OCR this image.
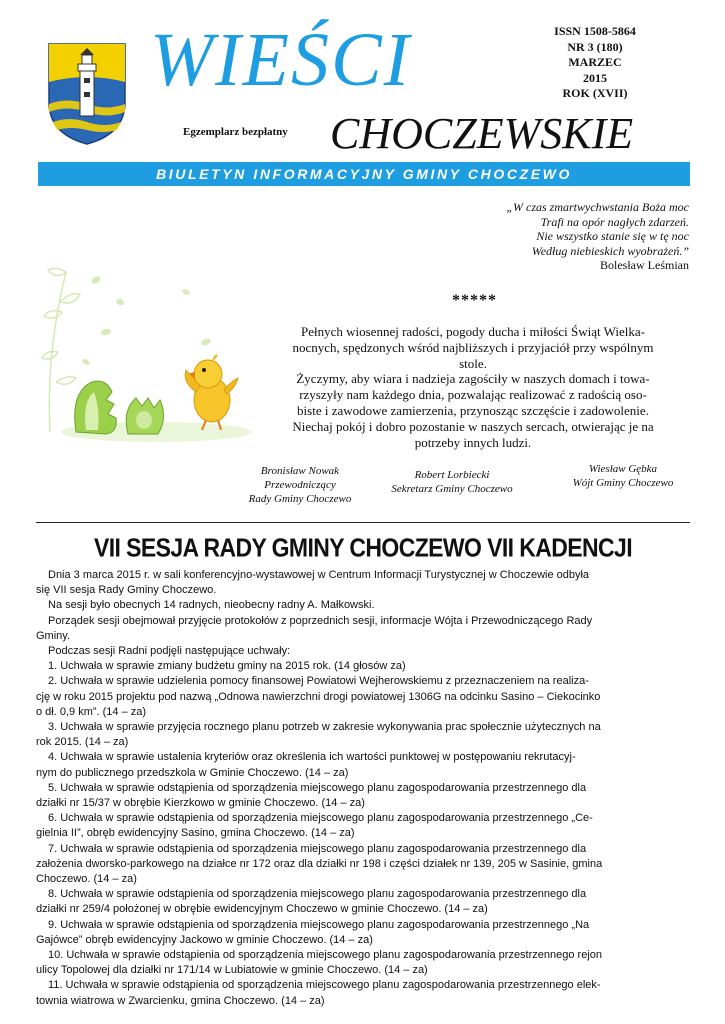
WIEŚCI
CHOCZEWSKIE
Egzemplarz bezpłatny
ISSN 1508-5864
NR 3 (180)
MARZEC
2015
ROK (XVII)
BIULETYN INFORMACYJNY GMINY CHOCZEWO
„W czas zmartwychwstania Boża moc
Trafi na opór nagłych zdarzeń.
Nie wszystko stanie się w tę noc
Według niebieskich wyobrażeń.”
Bolesław Leśmian
*****
Pełnych wiosennej radości, pogody ducha i miłości Świąt Wielka-
nocnych, spędzonych wśród najbliższych i przyjaciół przy wspólnym
stole.
Życzymy, aby wiara i nadzieja zagościły w naszych domach i towa-
rzyszyły nam każdego dnia, pozwalając realizować z radością oso-
biste i zawodowe zamierzenia, przynosząc szczęście i zadowolenie.
Niechaj pokój i dobro pozostanie w naszych sercach, otwierając je na
potrzeby innych ludzi.
Bronisław Nowak
Przewodniczący
Rady Gminy Choczewo
Robert Lorbiecki
Sekretarz Gminy Choczewo
Wiesław Gębka
Wójt Gminy Choczewo
VII SESJA RADY GMINY CHOCZEWO VII KADENCJI

Dnia 3 marca 2015 r. w sali konferencyjno-wystawowej w Centrum Informacji Turystycznej w Choczewie odbyła
się VII sesja Rady Gminy Choczewo.

Na sesji było obecnych 14 radnych, nieobecny radny A. Małkowski.

Porządek sesji obejmował przyjęcie protokołów z poprzednich sesji, informacje Wójta i Przewodniczącego Rady
Gminy.

Podczas sesji Radni podjęli następujące uchwały:

1. Uchwała w sprawie zmiany budżetu gminy na 2015 rok. (14 głosów za)

2. Uchwała w sprawie udzielenia pomocy finansowej Powiatowi Wejherowskiemu z przeznaczeniem na realiza-
cję w roku 2015 projektu pod nazwą „Odnowa nawierzchni drogi powiatowej 1306G na odcinku Sasino – Ciekocinko
o dł. 0,9 km”. (14 – za)

3. Uchwała w sprawie przyjęcia rocznego planu potrzeb w zakresie wykonywania prac społecznie użytecznych na
rok 2015. (14 – za)

4. Uchwała w sprawie ustalenia kryteriów oraz określenia ich wartości punktowej w postępowaniu rekrutacyj-
nym do publicznego przedszkola w Gminie Choczewo. (14 – za)

5. Uchwała w sprawie odstąpienia od sporządzenia miejscowego planu zagospodarowania przestrzennego dla
działki nr 15/37 w obrębie Kierzkowo w gminie Choczewo. (14 – za)

6. Uchwała w sprawie odstąpienia od sporządzenia miejscowego planu zagospodarowania przestrzennego „Ce-
gielnia II”, obręb ewidencyjny Sasino, gmina Choczewo. (14 – za)

7. Uchwała w sprawie odstąpienia od sporządzenia miejscowego planu zagospodarowania przestrzennego dla
założenia dworsko-parkowego na działce nr 172 oraz dla działki nr 198 i części działek nr 139, 205 w Sasinie, gmina
Choczewo. (14 – za)

8. Uchwała w sprawie odstąpienia od sporządzenia miejscowego planu zagospodarowania przestrzennego dla
działki nr 259/4 położonej w obrębie ewidencyjnym Choczewo w gminie Choczewo. (14 – za)

9. Uchwała w sprawie odstąpienia od sporządzenia miejscowego planu zagospodarowania przestrzennego „Na
Gajówce” obręb ewidencyjny Jackowo w gminie Choczewo. (14 – za)

10. Uchwała w sprawie odstąpienia od sporządzenia miejscowego planu zagospodarowania przestrzennego rejon
ulicy Topolowej dla działki nr 171/14 w Lubiatowie w gminie Choczewo. (14 – za)

11. Uchwała w sprawie odstąpienia od sporządzenia miejscowego planu zagospodarowania przestrzennego elek-
townia wiatrowa w Zwarcienku, gmina Choczewo. (14 – za)
